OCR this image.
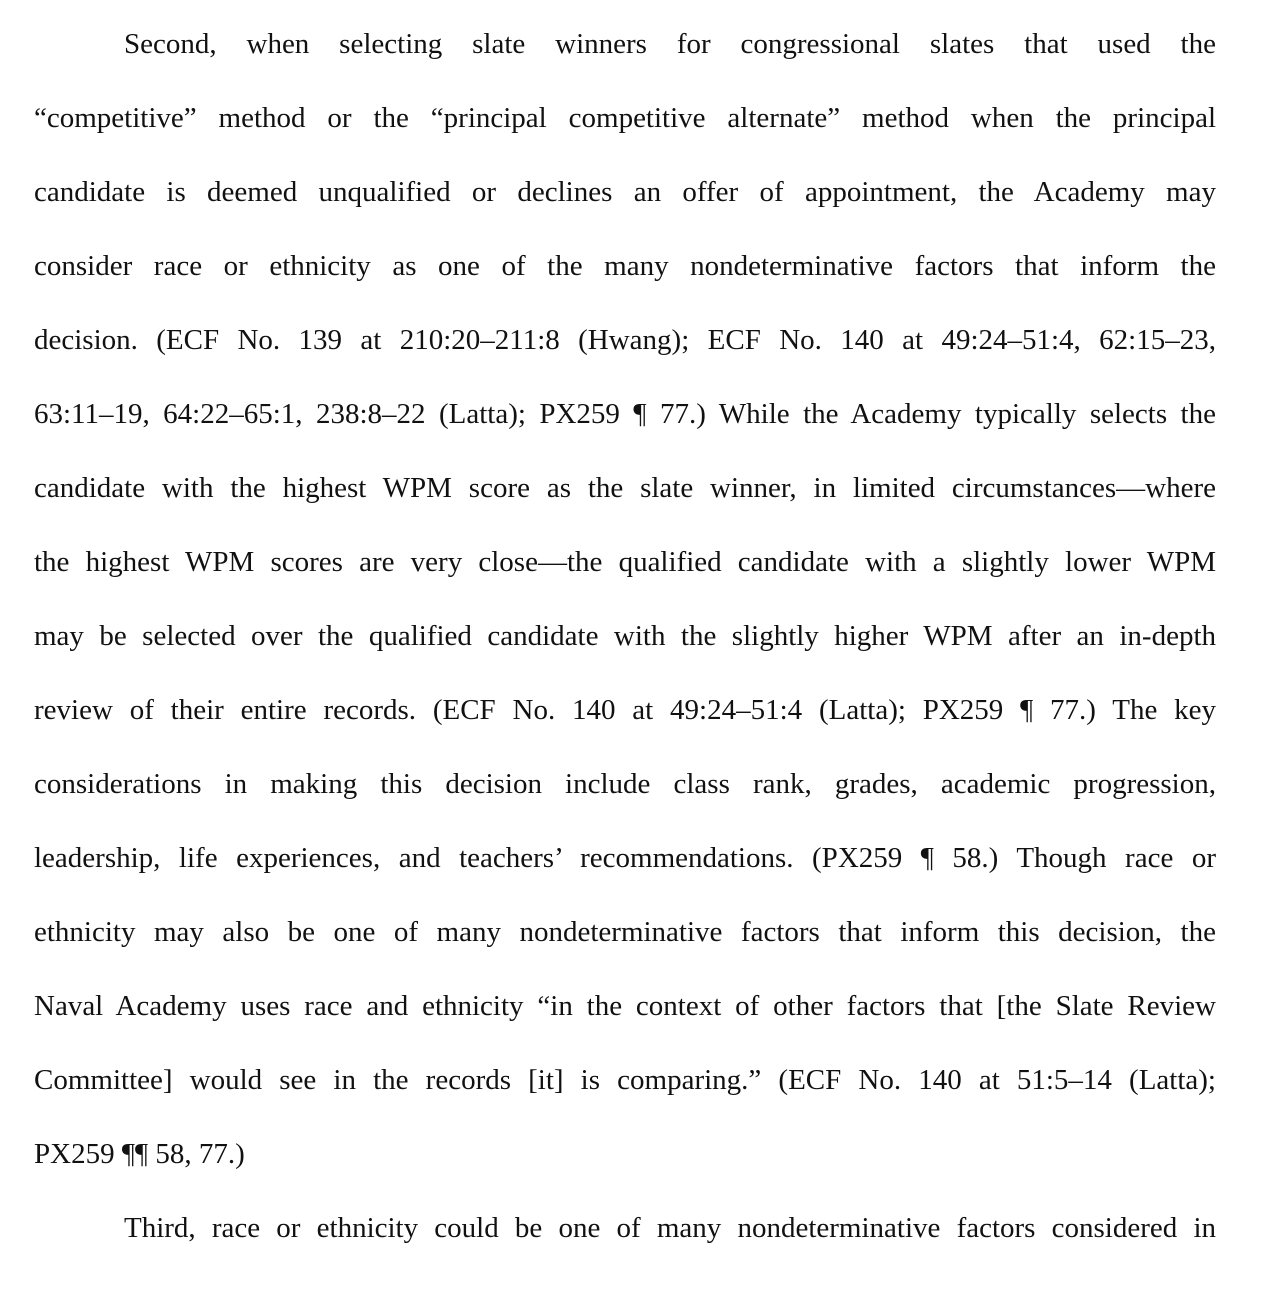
Second, when selecting slate winners for congressional slates that used the
“competitive” method or the “principal competitive alternate” method when the principal
candidate is deemed unqualified or declines an offer of appointment, the Academy may
consider race or ethnicity as one of the many nondeterminative factors that inform the
decision. (ECF No. 139 at 210:20–211:8 (Hwang); ECF No. 140 at 49:24–51:4, 62:15–23,
63:11–19, 64:22–65:1, 238:8–22 (Latta); PX259 ¶ 77.) While the Academy typically selects the
candidate with the highest WPM score as the slate winner, in limited circumstances—where
the highest WPM scores are very close—the qualified candidate with a slightly lower WPM
may be selected over the qualified candidate with the slightly higher WPM after an in-depth
review of their entire records. (ECF No. 140 at 49:24–51:4 (Latta); PX259 ¶ 77.) The key
considerations in making this decision include class rank, grades, academic progression,
leadership, life experiences, and teachers’ recommendations. (PX259 ¶ 58.) Though race or
ethnicity may also be one of many nondeterminative factors that inform this decision, the
Naval Academy uses race and ethnicity “in the context of other factors that [the Slate Review
Committee] would see in the records [it] is comparing.” (ECF No. 140 at 51:5–14 (Latta);
PX259 ¶¶ 58, 77.)
Third, race or ethnicity could be one of many nondeterminative factors considered in
